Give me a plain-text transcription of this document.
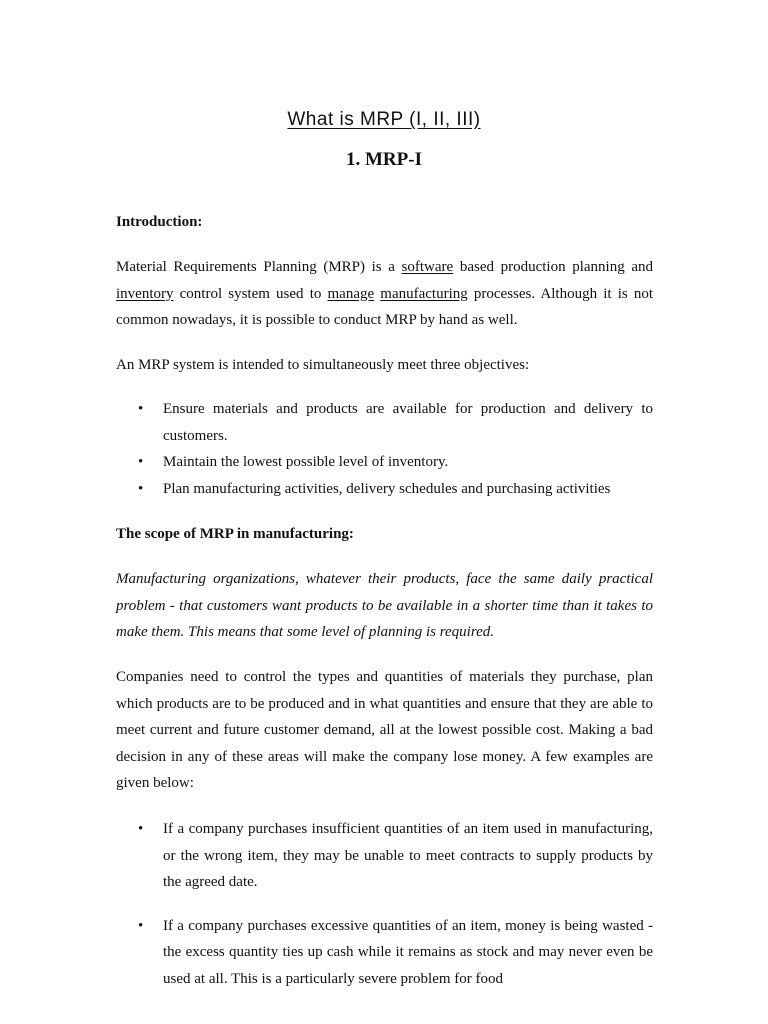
What is MRP (I, II, III)
1. MRP-I
Introduction:
Material Requirements Planning (MRP) is a software based production planning and inventory control system used to manage manufacturing processes. Although it is not common nowadays, it is possible to conduct MRP by hand as well.
An MRP system is intended to simultaneously meet three objectives:
• Ensure materials and products are available for production and delivery to customers.
• Maintain the lowest possible level of inventory.
• Plan manufacturing activities, delivery schedules and purchasing activities
The scope of MRP in manufacturing:
Manufacturing organizations, whatever their products, face the same daily practical problem - that customers want products to be available in a shorter time than it takes to make them. This means that some level of planning is required.
Companies need to control the types and quantities of materials they purchase, plan which products are to be produced and in what quantities and ensure that they are able to meet current and future customer demand, all at the lowest possible cost. Making a bad decision in any of these areas will make the company lose money. A few examples are given below:
• If a company purchases insufficient quantities of an item used in manufacturing, or the wrong item, they may be unable to meet contracts to supply products by the agreed date.
• If a company purchases excessive quantities of an item, money is being wasted - the excess quantity ties up cash while it remains as stock and may never even be used at all. This is a particularly severe problem for food
